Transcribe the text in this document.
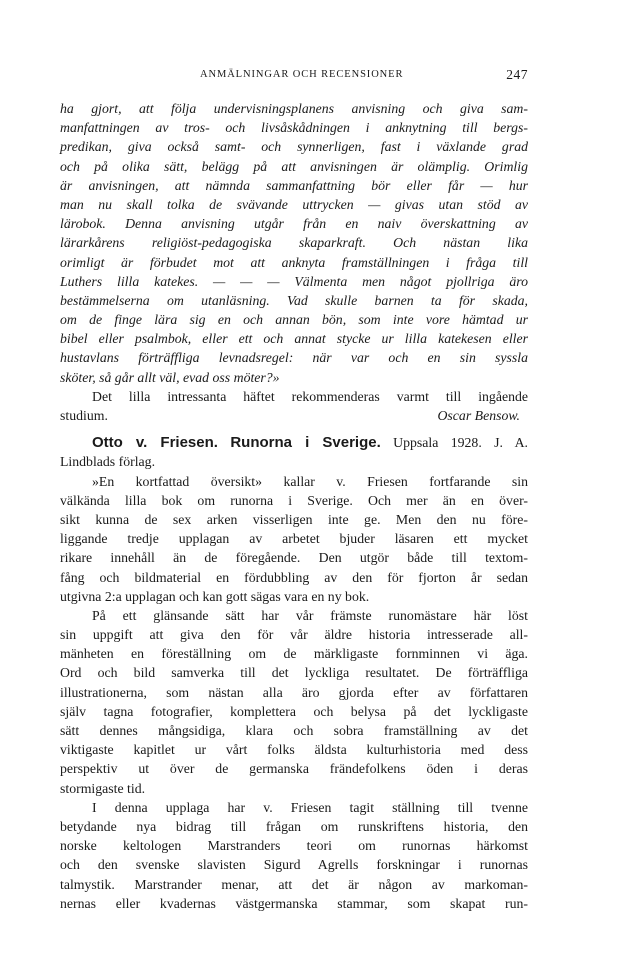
ANMÄLNINGAR OCH RECENSIONER	247
ha gjort, att följa undervisningsplanens anvisning och giva sam-
manfattningen av tros- och livsåskådningen i anknytning till bergs-
predikan, giva också samt- och synnerligen, fast i växlande grad
och på olika sätt, belägg på att anvisningen är olämplig. Orimlig
är anvisningen, att nämnda sammanfattning bör eller får — hur
man nu skall tolka de svävande uttrycken — givas utan stöd av
lärobok. Denna anvisning utgår från en naiv överskattning av
lärarkårens religiöst-pedagogiska skaparkraft. Och nästan lika
orimligt är förbudet mot att anknyta framställningen i fråga till
Luthers lilla katekes. — — — Välmenta men något pjollriga äro
bestämmelserna om utanläsning. Vad skulle barnen ta för skada,
om de finge lära sig en och annan bön, som inte vore hämtad ur
bibel eller psalmbok, eller ett och annat stycke ur lilla katekesen eller
hustavlans förträffliga levnadsregel: när var och en sin syssla
sköter, så går allt väl, evad oss möter?»
Det lilla intressanta häftet rekommenderas varmt till ingående
studium.	Oscar Bensow.
Otto v. Friesen. Runorna i Sverige. Uppsala 1928. J. A.
Lindblads förlag.
»En kortfattad översikt» kallar v. Friesen fortfarande sin
välkända lilla bok om runorna i Sverige. Och mer än en över-
sikt kunna de sex arken visserligen inte ge. Men den nu före-
liggande tredje upplagan av arbetet bjuder läsaren ett mycket
rikare innehåll än de föregående. Den utgör både till textom-
fång och bildmaterial en fördubbling av den för fjorton år sedan
utgivna 2:a upplagan och kan gott sägas vara en ny bok.
På ett glänsande sätt har vår främste runomästare här löst
sin uppgift att giva den för vår äldre historia intresserade all-
mänheten en föreställning om de märkligaste fornminnen vi äga.
Ord och bild samverka till det lyckliga resultatet. De förträffliga
illustrationerna, som nästan alla äro gjorda efter av författaren
själv tagna fotografier, komplettera och belysa på det lyckligaste
sätt dennes mångsidiga, klara och sobra framställning av det
viktigaste kapitlet ur vårt folks äldsta kulturhistoria med dess
perspektiv ut över de germanska frändefolkens öden i deras
stormigaste tid.
I denna upplaga har v. Friesen tagit ställning till tvenne
betydande nya bidrag till frågan om runskriftens historia, den
norske keltologen Marstranders teori om runornas härkomst
och den svenske slavisten Sigurd Agrells forskningar i runornas
talmystik. Marstrander menar, att det är någon av markoman-
nernas eller kvadernas västgermanska stammar, som skapat run-
